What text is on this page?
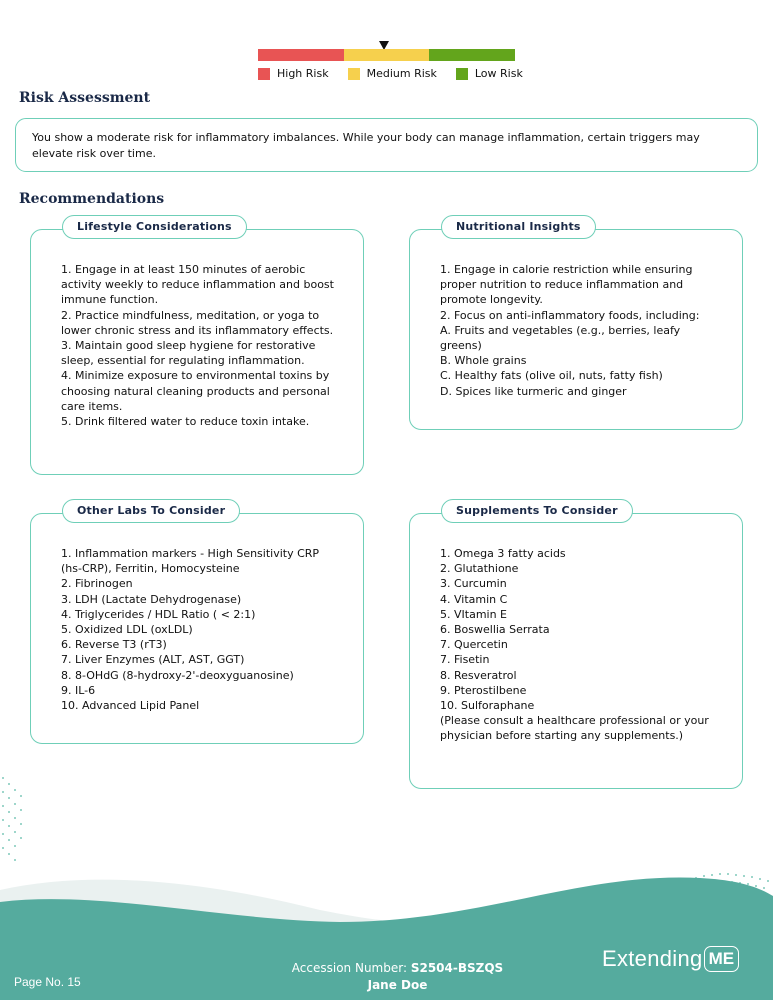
High Risk	Medium Risk	Low Risk
Risk Assessment
You show a moderate risk for inflammatory imbalances. While your body can manage inflammation, certain triggers may elevate risk over time.
Recommendations
Lifestyle Considerations
1. Engage in at least 150 minutes of aerobic activity weekly to reduce inflammation and boost immune function.
2. Practice mindfulness, meditation, or yoga to lower chronic stress and its inflammatory effects.
3. Maintain good sleep hygiene for restorative sleep, essential for regulating inflammation.
4. Minimize exposure to environmental toxins by choosing natural cleaning products and personal care items.
5. Drink filtered water to reduce toxin intake.
Nutritional Insights
1. Engage in calorie restriction while ensuring proper nutrition to reduce inflammation and promote longevity.
2. Focus on anti-inflammatory foods, including:
A. Fruits and vegetables (e.g., berries, leafy greens)
B. Whole grains
C. Healthy fats (olive oil, nuts, fatty fish)
D. Spices like turmeric and ginger
Other Labs To Consider
1. Inflammation markers - High Sensitivity CRP (hs-CRP), Ferritin, Homocysteine
2. Fibrinogen
3. LDH (Lactate Dehydrogenase)
4. Triglycerides / HDL Ratio ( < 2:1)
5. Oxidized LDL (oxLDL)
6. Reverse T3 (rT3)
7. Liver Enzymes (ALT, AST, GGT)
8. 8-OHdG (8-hydroxy-2'-deoxyguanosine)
9. IL-6
10. Advanced Lipid Panel
Supplements To Consider
1. Omega 3 fatty acids
2. Glutathione
3. Curcumin
4. Vitamin C
5. VItamin E
6. Boswellia Serrata
7. Quercetin
7. Fisetin
8. Resveratrol
9. Pterostilbene
10. Sulforaphane
(Please consult a healthcare professional or your physician before starting any supplements.)
Page No. 15
Accession Number: S2504-BSZQS
Jane Doe
Extending ME
